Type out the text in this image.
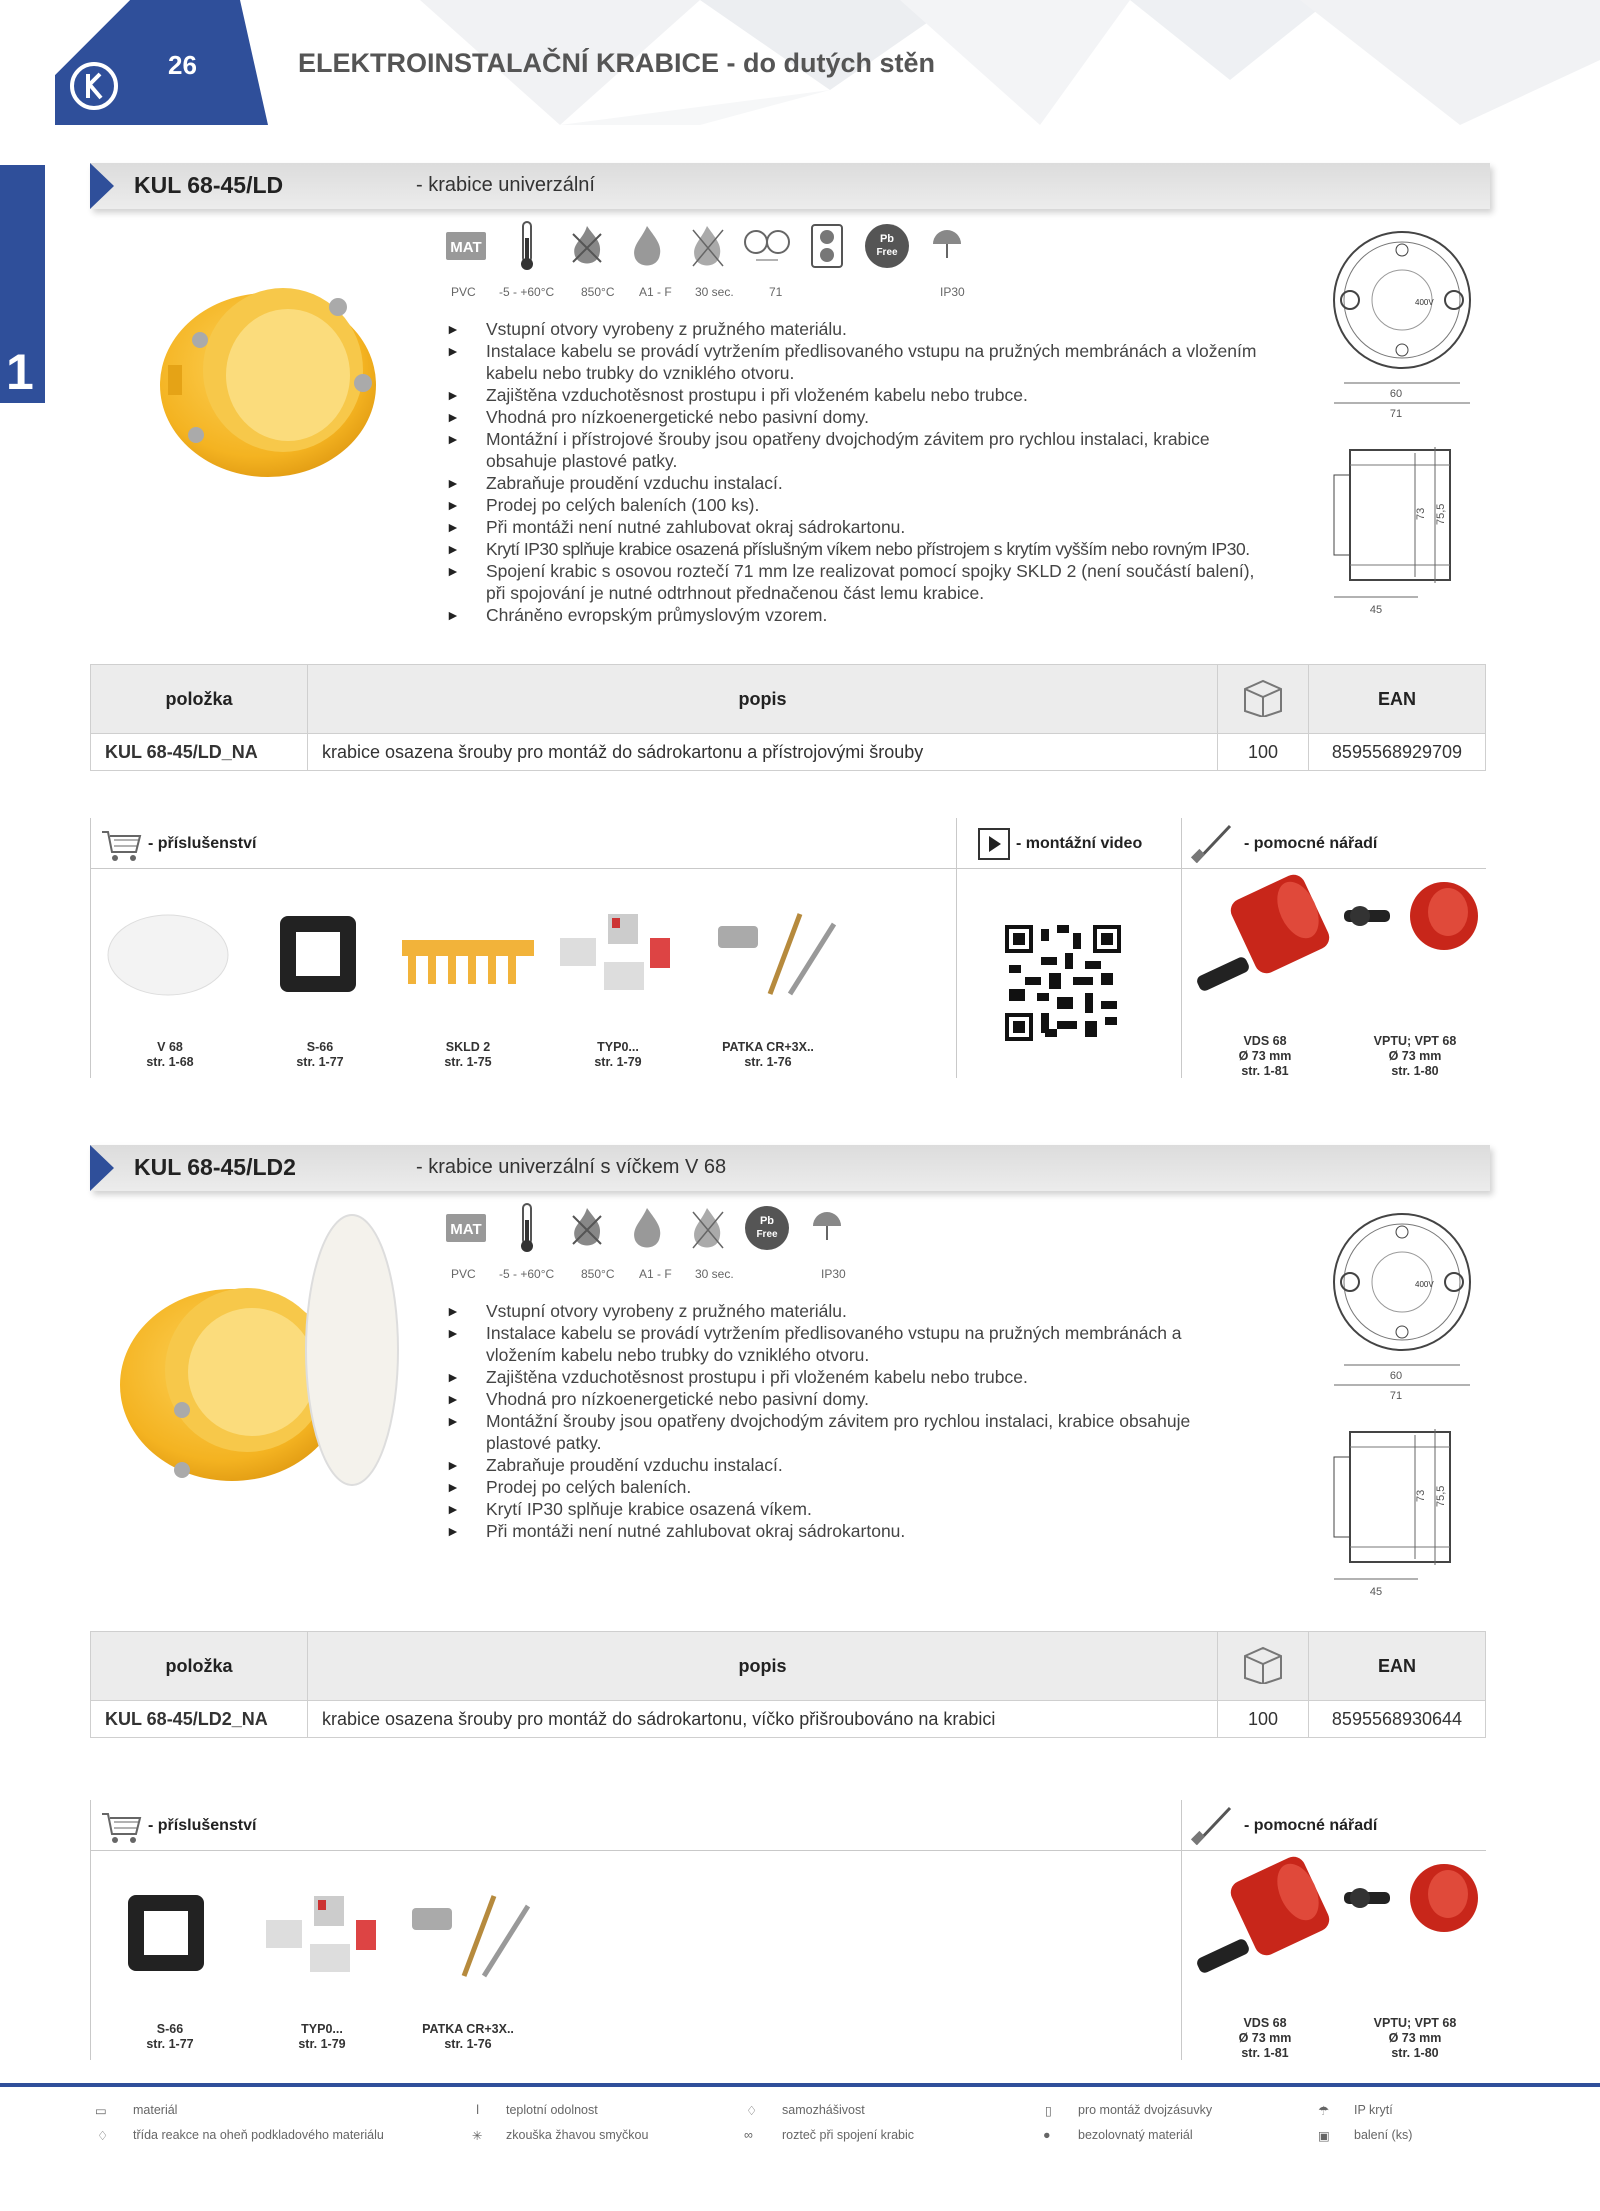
26	ELEKTROINSTALAČNÍ KRABICE - do dutých stěn
1
KUL 68-45/LD	- krabice univerzální
MAT	Pb
Free
PVC -5 - +60°C 850°C A1 - F 30 sec.	71	IP30
► Vstupní otvory vyrobeny z pružného materiálu.
► Instalace kabelu se provádí vytržením předlisovaného vstupu na pružných membránách a vložením kabelu nebo trubky do vzniklého otvoru.
► Zajištěna vzduchotěsnost prostupu i při vloženém kabelu nebo trubce.
► Vhodná pro nízkoenergetické nebo pasivní domy.
► Montážní i přístrojové šrouby jsou opatřeny dvojchodým závitem pro rychlou instalaci, krabice obsahuje plastové patky.
► Zabraňuje proudění vzduchu instalací.
► Prodej po celých baleních (100 ks).
► Při montáži není nutné zahlubovat okraj sádrokartonu.
► Krytí IP30 splňuje krabice osazená příslušným víkem nebo přístrojem s krytím vyšším nebo rovným IP30.
► Spojení krabic s osovou roztečí 71 mm lze realizovat pomocí spojky SKLD 2 (není součástí balení), při spojování je nutné odtrhnout přednačenou část lemu krabice.
► Chráněno evropským průmyslovým vzorem.
400V
60
71
73 75,5
45
položka	popis		EAN
KUL 68-45/LD_NA	krabice osazena šrouby pro montáž do sádrokartonu a přístrojovými šrouby	100	8595568929709
- příslušenství	- montážní video	- pomocné nářadí
V 68
str. 1-68
S-66
str. 1-77
SKLD 2
str. 1-75
TYP0...
str. 1-79
PATKA CR+3X..
str. 1-76
VDS 68
Ø 73 mm
str. 1-81
VPTU; VPT 68
Ø 73 mm
str. 1-80
KUL 68-45/LD2	- krabice univerzální s víčkem V 68
MAT	Pb
Free
PVC -5 - +60°C 850°C A1 - F 30 sec.	IP30
► Vstupní otvory vyrobeny z pružného materiálu.
► Instalace kabelu se provádí vytržením předlisovaného vstupu na pružných membránách a vložením kabelu nebo trubky do vzniklého otvoru.
► Zajištěna vzduchotěsnost prostupu i při vloženém kabelu nebo trubce.
► Vhodná pro nízkoenergetické nebo pasivní domy.
► Montážní šrouby jsou opatřeny dvojchodým závitem pro rychlou instalaci, krabice obsahuje plastové patky.
► Zabraňuje proudění vzduchu instalací.
► Prodej po celých baleních.
► Krytí IP30 splňuje krabice osazená víkem.
► Při montáži není nutné zahlubovat okraj sádrokartonu.
400V
60
71
73 75,5
45
položka	popis		EAN
KUL 68-45/LD2_NA	krabice osazena šrouby pro montáž do sádrokartonu, víčko přišroubováno na krabici	100	8595568930644
- příslušenství	- pomocné nářadí
S-66
str. 1-77
TYP0...
str. 1-79
PATKA CR+3X..
str. 1-76
VDS 68
Ø 73 mm
str. 1-81
VPTU; VPT 68
Ø 73 mm
str. 1-80
▭ materiál
♢ třída reakce na oheň podkladového materiálu
ǀ teplotní odolnost
✳ zkouška žhavou smyčkou
♢ samozhášivost
∞ rozteč při spojení krabic
▯ pro montáž dvojzásuvky
● bezolovnatý materiál
☂ IP krytí
▣ balení (ks)
